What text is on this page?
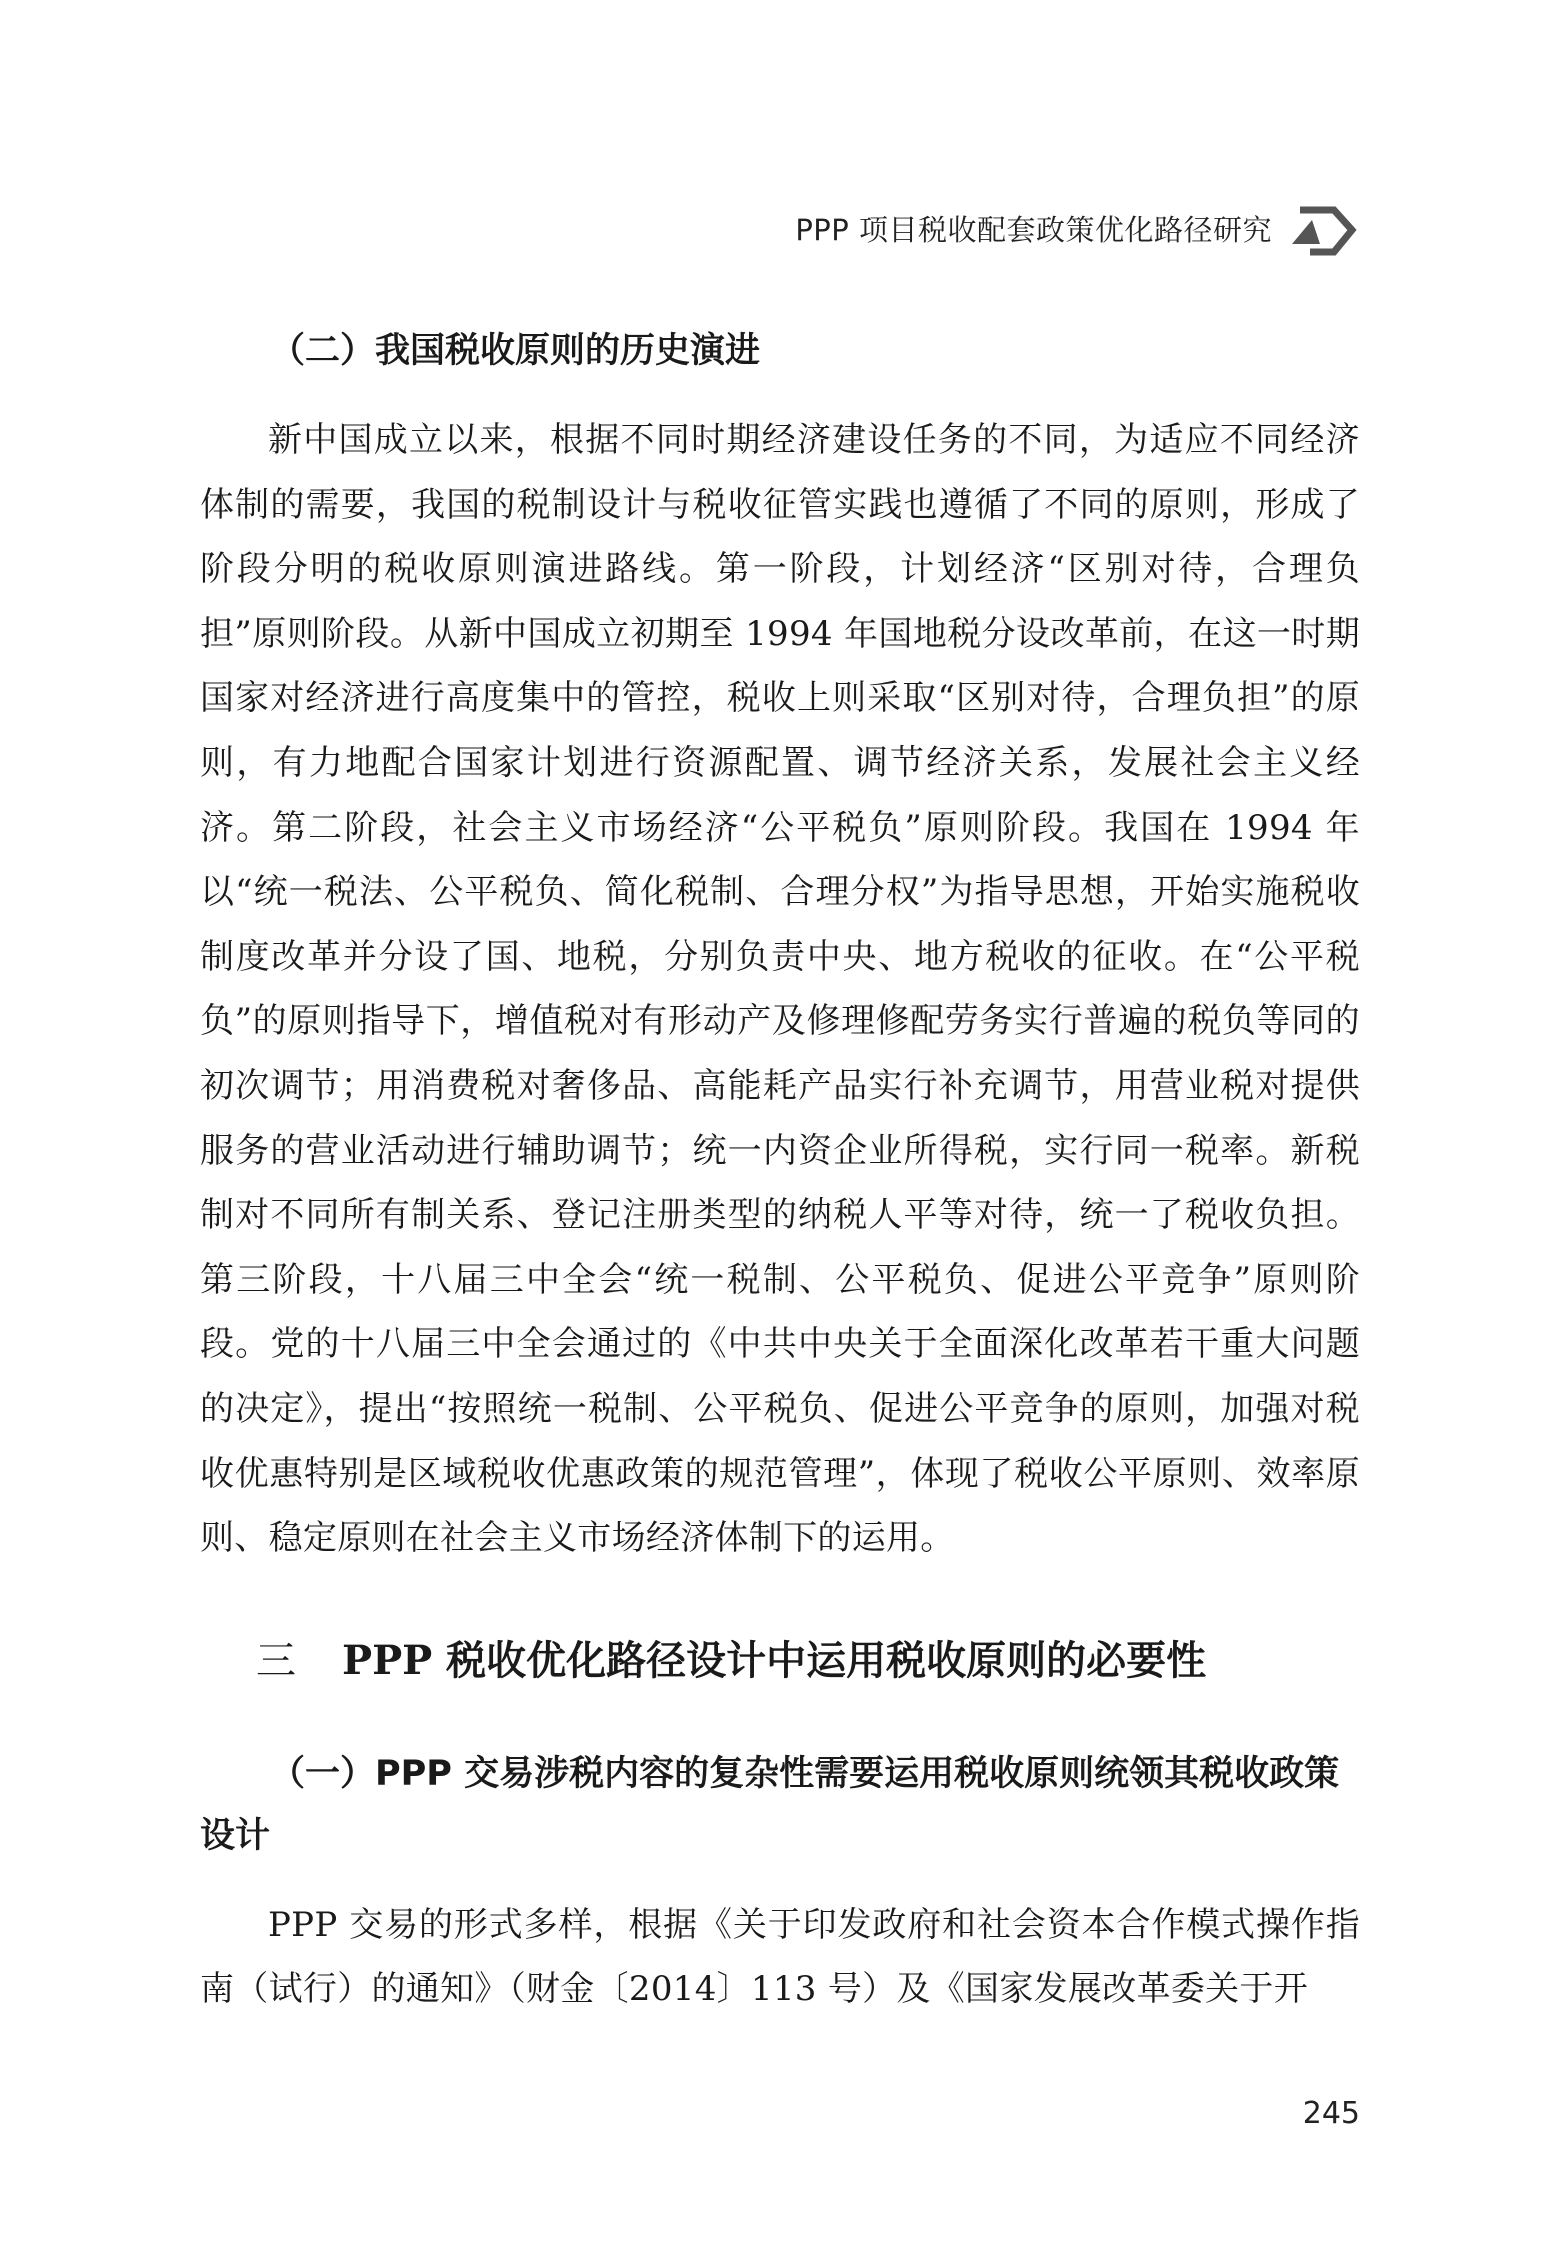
PPP 项目税收配套政策优化路径研究
（二）我国税收原则的历史演进

新中国成立以来，根据不同时期经济建设任务的不同，为适应不同经济体制的需要，我国的税制设计与税收征管实践也遵循了不同的原则，形成了阶段分明的税收原则演进路线。第一阶段，计划经济“区别对待，合理负担”原则阶段。从新中国成立初期至 1994 年国地税分设改革前，在这一时期国家对经济进行高度集中的管控，税收上则采取“区别对待，合理负担”的原则，有力地配合国家计划进行资源配置、调节经济关系，发展社会主义经济。第二阶段，社会主义市场经济“公平税负”原则阶段。我国在 1994 年以“统一税法、公平税负、简化税制、合理分权”为指导思想，开始实施税收制度改革并分设了国、地税，分别负责中央、地方税收的征收。在“公平税负”的原则指导下，增值税对有形动产及修理修配劳务实行普遍的税负等同的初次调节；用消费税对奢侈品、高能耗产品实行补充调节，用营业税对提供服务的营业活动进行辅助调节；统一内资企业所得税，实行同一税率。新税制对不同所有制关系、登记注册类型的纳税人平等对待，统一了税收负担。第三阶段，十八届三中全会“统一税制、公平税负、促进公平竞争”原则阶段。党的十八届三中全会通过的《中共中央关于全面深化改革若干重大问题的决定》，提出“按照统一税制、公平税负、促进公平竞争的原则，加强对税收优惠特别是区域税收优惠政策的规范管理”，体现了税收公平原则、效率原则、稳定原则在社会主义市场经济体制下的运用。

三 PPP 税收优化路径设计中运用税收原则的必要性
（一）PPP 交易涉税内容的复杂性需要运用税收原则统领其税收政策设计

PPP 交易的形式多样，根据《关于印发政府和社会资本合作模式操作指南（试行）的通知》（财金〔2014〕113 号）及《国家发展改革委关于开

245
